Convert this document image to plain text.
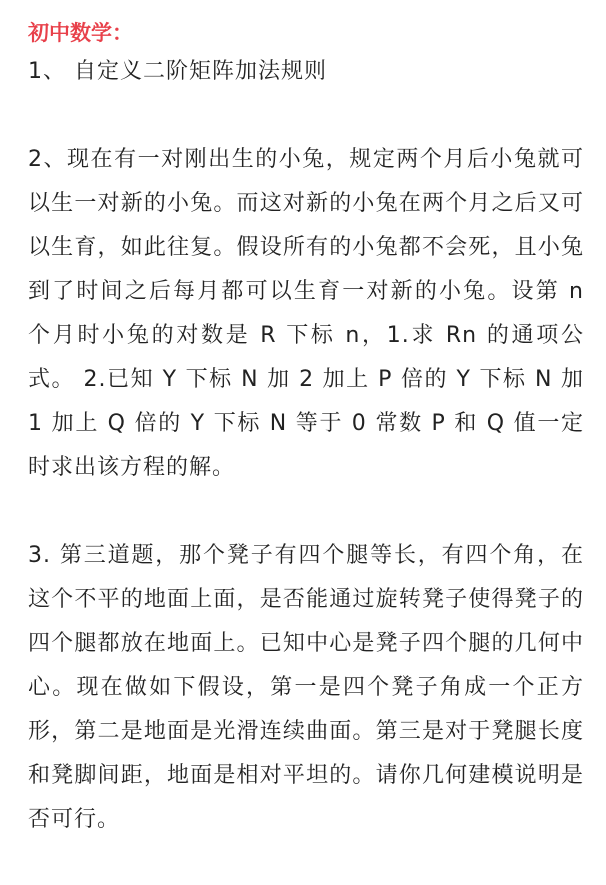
初中数学：

1、 自定义二阶矩阵加法规则

2、现在有一对刚出生的小兔，规定两个月后小兔就可以生一对新的小兔。而这对新的小兔在两个月之后又可以生育，如此往复。假设所有的小兔都不会死，且小兔到了时间之后每月都可以生育一对新的小兔。设第 n 个月时小兔的对数是 R 下标 n，1.求 Rn 的通项公式。 2.已知 Y 下标 N 加 2 加上 P 倍的 Y 下标 N 加 1 加上 Q 倍的 Y 下标 N 等于 0 常数 P 和 Q 值一定时求出该方程的解。

3. 第三道题，那个凳子有四个腿等长，有四个角，在这个不平的地面上面，是否能通过旋转凳子使得凳子的四个腿都放在地面上。已知中心是凳子四个腿的几何中心。现在做如下假设，第一是四个凳子角成一个正方形，第二是地面是光滑连续曲面。第三是对于凳腿长度和凳脚间距，地面是相对平坦的。请你几何建模说明是否可行。
